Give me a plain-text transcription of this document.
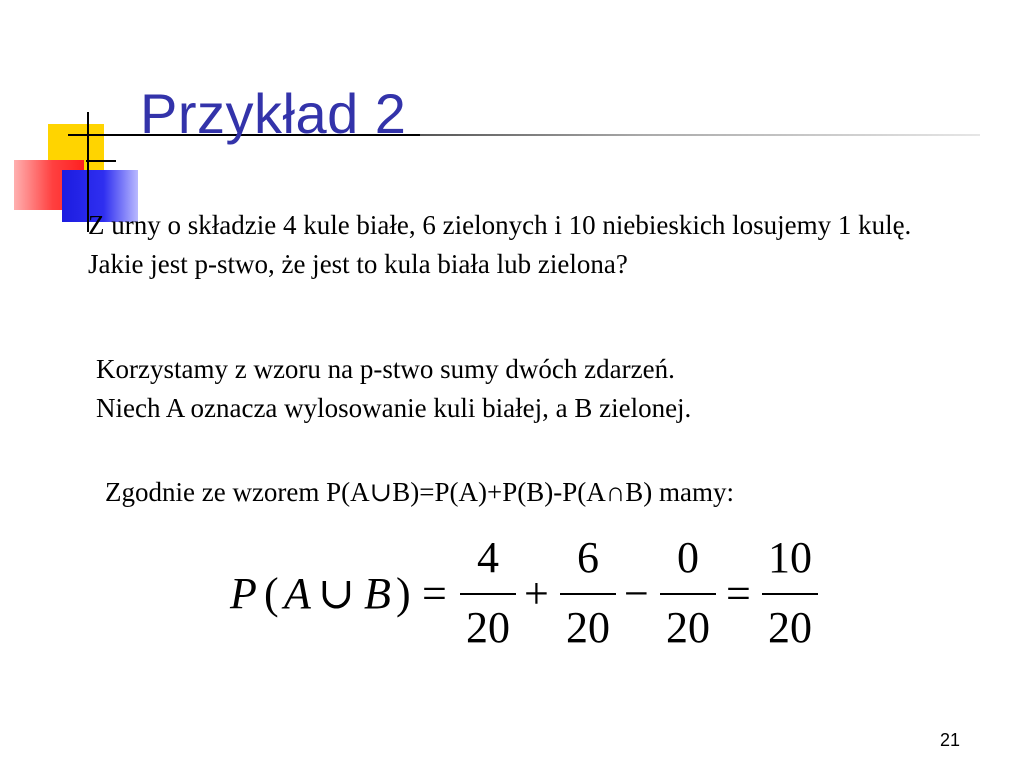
Przykład 2
Z urny o składzie 4 kule białe, 6 zielonych i 10 niebieskich losujemy 1 kulę. Jakie jest p-stwo, że jest to kula biała lub zielona?
Korzystamy z wzoru na p-stwo sumy dwóch zdarzeń.
Niech A oznacza wylosowanie kuli białej, a B zielonej.
Zgodnie ze wzorem P(A∪B)=P(A)+P(B)-P(A∩B) mamy:
P ( A ∪ B ) =
4
20
+
6
20
−
0
20
=
10
20
21
